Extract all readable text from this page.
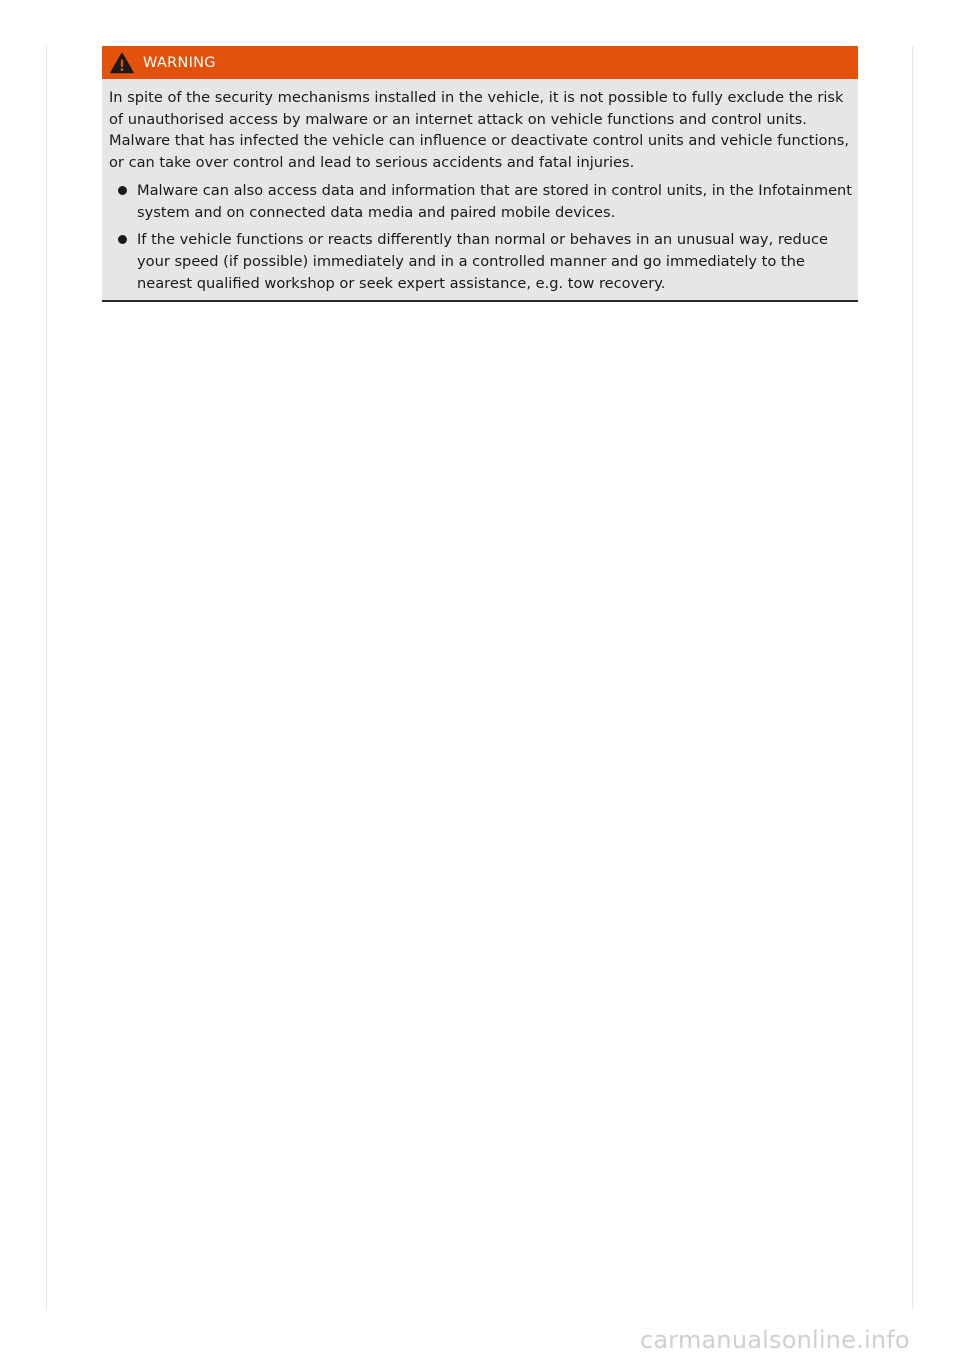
WARNING

In spite of the security mechanisms installed in the vehicle, it is not possible to fully exclude the risk of unauthorised access by malware or an internet attack on vehicle functions and control units. Malware that has infected the vehicle can influence or deactivate control units and vehicle functions, or can take over control and lead to serious accidents and fatal injuries.

Malware can also access data and information that are stored in control units, in the Infotainment system and on connected data media and paired mobile devices.
If the vehicle functions or reacts differently than normal or behaves in an unusual way, reduce your speed (if possible) immediately and in a controlled manner and go immediately to the nearest qualified workshop or seek expert assistance, e.g. tow recovery.
carmanualsonline.info
